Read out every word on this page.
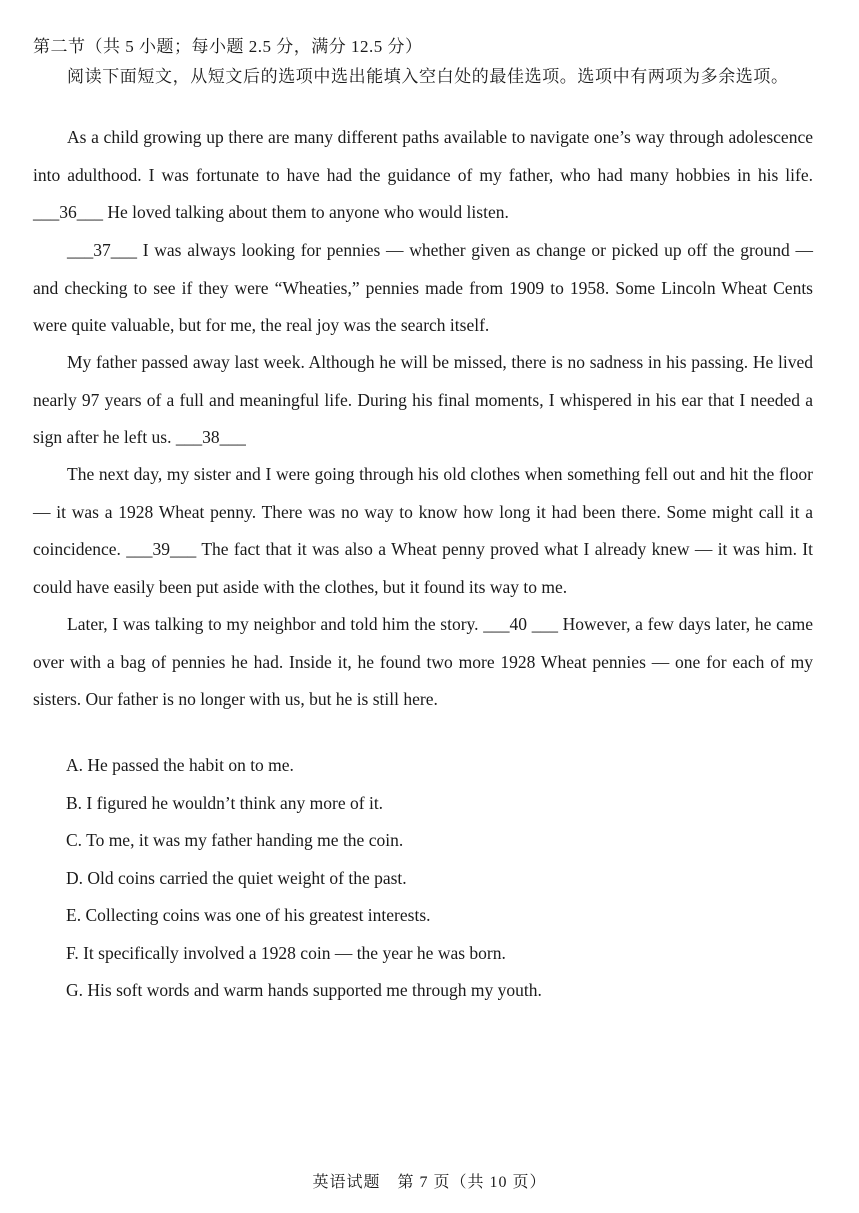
第二节（共 5 小题；每小题 2.5 分，满分 12.5 分）
阅读下面短文，从短文后的选项中选出能填入空白处的最佳选项。选项中有两项为多余选项。
As a child growing up there are many different paths available to navigate one’s way through adolescence into adulthood. I was fortunate to have had the guidance of my father, who had many hobbies in his life. ___36___ He loved talking about them to anyone who would listen.
___37___ I was always looking for pennies — whether given as change or picked up off the ground — and checking to see if they were “Wheaties,” pennies made from 1909 to 1958. Some Lincoln Wheat Cents were quite valuable, but for me, the real joy was the search itself.
My father passed away last week. Although he will be missed, there is no sadness in his passing. He lived nearly 97 years of a full and meaningful life. During his final moments, I whispered in his ear that I needed a sign after he left us. ___38___
The next day, my sister and I were going through his old clothes when something fell out and hit the floor — it was a 1928 Wheat penny. There was no way to know how long it had been there. Some might call it a coincidence. ___39___ The fact that it was also a Wheat penny proved what I already knew — it was him. It could have easily been put aside with the clothes, but it found its way to me.
Later, I was talking to my neighbor and told him the story. ___40 ___ However, a few days later, he came over with a bag of pennies he had. Inside it, he found two more 1928 Wheat pennies — one for each of my sisters. Our father is no longer with us, but he is still here.
A. He passed the habit on to me.
B. I figured he wouldn’t think any more of it.
C. To me, it was my father handing me the coin.
D. Old coins carried the quiet weight of the past.
E. Collecting coins was one of his greatest interests.
F. It specifically involved a 1928 coin — the year he was born.
G. His soft words and warm hands supported me through my youth.
英语试题　第 7 页（共 10 页）
